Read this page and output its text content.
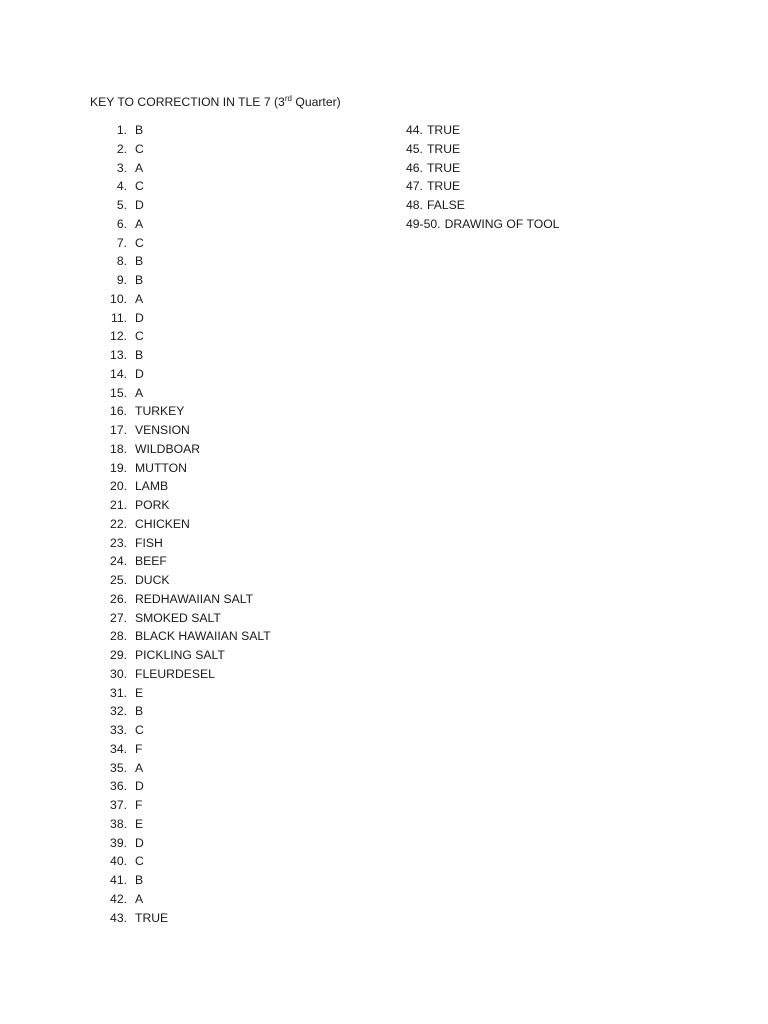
KEY TO CORRECTION IN TLE 7 (3rd Quarter)
1. B
2. C
3. A
4. C
5. D
6. A
7. C
8. B
9. B
10. A
11. D
12. C
13. B
14. D
15. A
16. TURKEY
17. VENSION
18. WILDBOAR
19. MUTTON
20. LAMB
21. PORK
22. CHICKEN
23. FISH
24. BEEF
25. DUCK
26. REDHAWAIIAN SALT
27. SMOKED SALT
28. BLACK HAWAIIAN SALT
29. PICKLING SALT
30. FLEURDESEL
31. E
32. B
33. C
34. F
35. A
36. D
37. F
38. E
39. D
40. C
41. B
42. A
43. TRUE
44. TRUE
45. TRUE
46. TRUE
47. TRUE
48. FALSE
49-50. DRAWING OF TOOL
